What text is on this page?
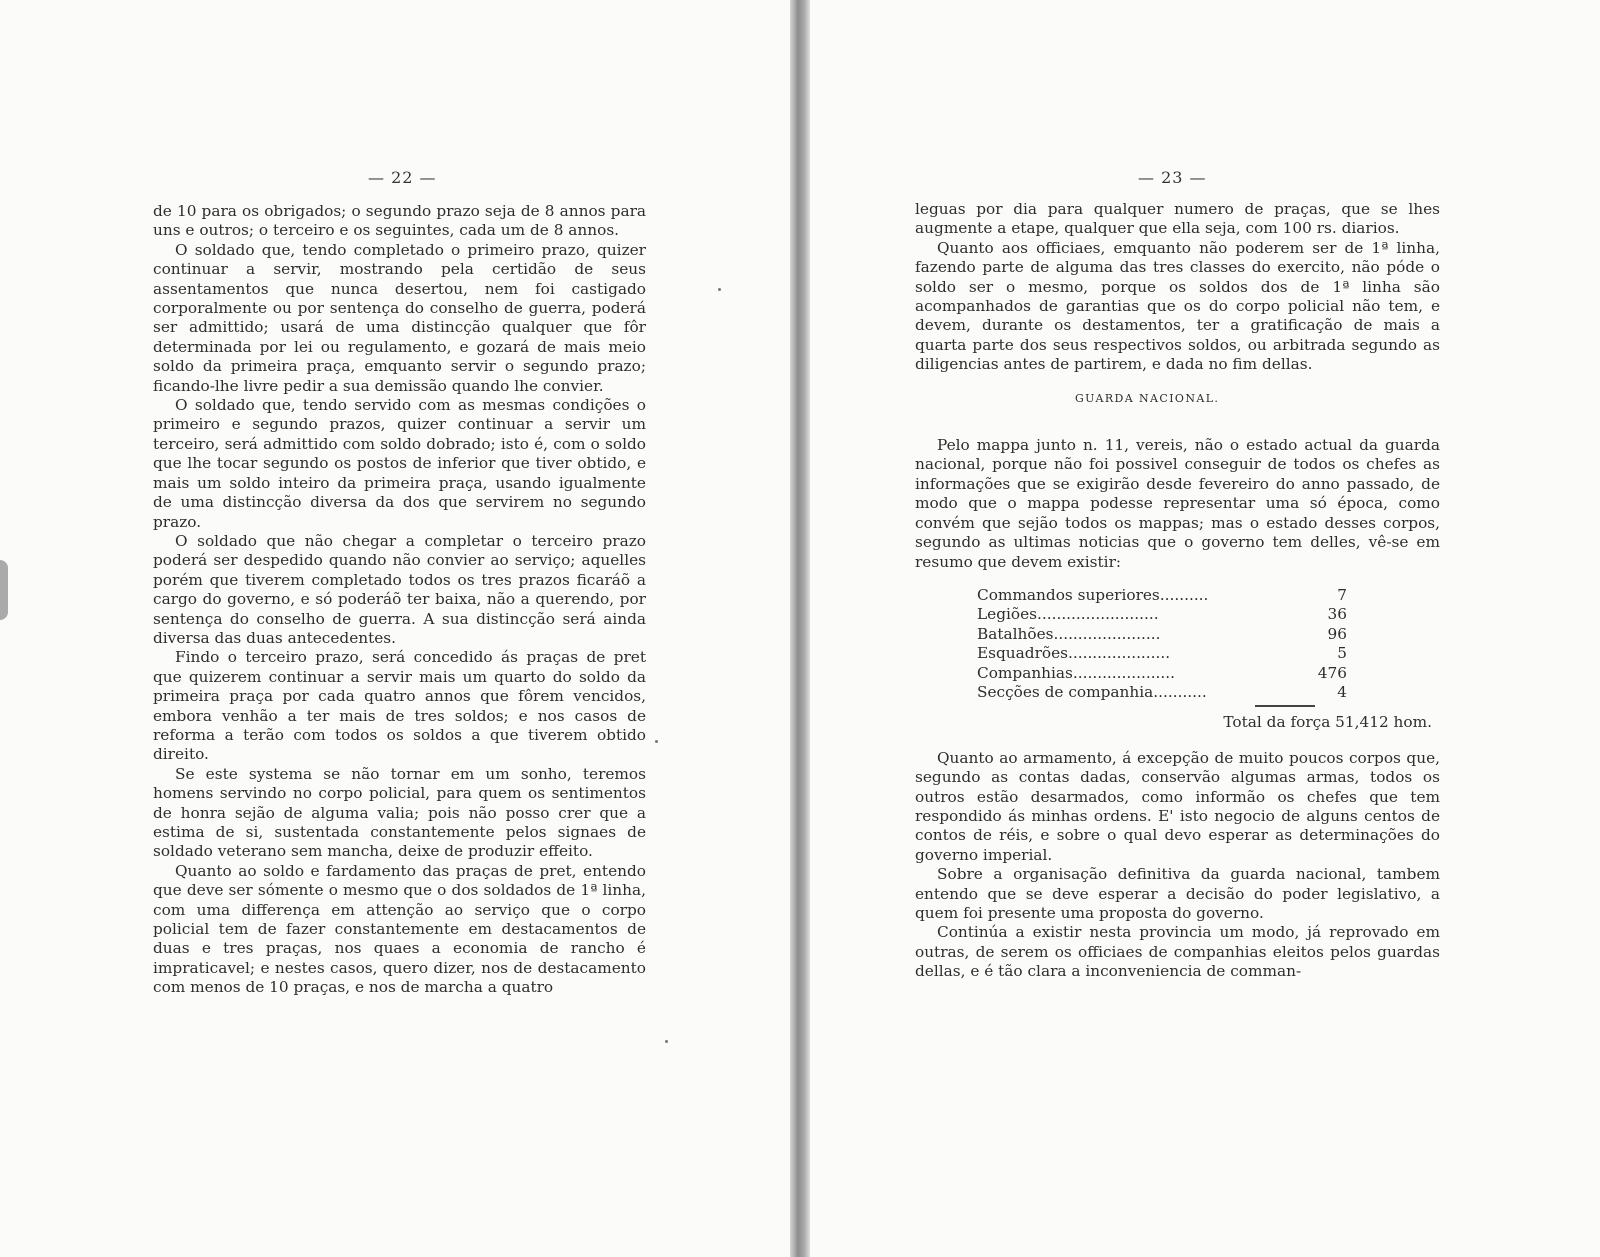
— 22 —

de 10 para os obrigados; o segundo prazo seja de 8 annos para uns e outros; o terceiro e os seguintes, cada um de 8 annos.

O soldado que, tendo completado o primeiro prazo, quizer continuar a servir, mostrando pela certidão de seus assentamentos que nunca desertou, nem foi castigado corporalmente ou por sentença do conselho de guerra, poderá ser admittido; usará de uma distincção qualquer que fôr determinada por lei ou regulamento, e gozará de mais meio soldo da primeira praça, emquanto servir o segundo prazo; ficando-lhe livre pedir a sua demissão quando lhe convier.

O soldado que, tendo servido com as mesmas condições o primeiro e segundo prazos, quizer continuar a servir um terceiro, será admittido com soldo dobrado; isto é, com o soldo que lhe tocar segundo os postos de inferior que tiver obtido, e mais um soldo inteiro da primeira praça, usando igualmente de uma distincção diversa da dos que servirem no segundo prazo.

O soldado que não chegar a completar o terceiro prazo poderá ser despedido quando não convier ao serviço; aquelles porém que tiverem completado todos os tres prazos ficaráõ a cargo do governo, e só poderáõ ter baixa, não a querendo, por sentença do conselho de guerra. A sua distincção será ainda diversa das duas antecedentes.

Findo o terceiro prazo, será concedido ás praças de pret que quizerem continuar a servir mais um quarto do soldo da primeira praça por cada quatro annos que fôrem vencidos, embora venhão a ter mais de tres soldos; e nos casos de reforma a terão com todos os soldos a que tiverem obtido direito.

Se este systema se não tornar em um sonho, teremos homens servindo no corpo policial, para quem os sentimentos de honra sejão de alguma valia; pois não posso crer que a estima de si, sustentada constantemente pelos signaes de soldado veterano sem mancha, deixe de produzir effeito.

Quanto ao soldo e fardamento das praças de pret, entendo que deve ser sómente o mesmo que o dos soldados de 1ª linha, com uma differença em attenção ao serviço que o corpo policial tem de fazer constantemente em destacamentos de duas e tres praças, nos quaes a economia de rancho é impraticavel; e nestes casos, quero dizer, nos de destacamento com menos de 10 praças, e nos de marcha a quatro

— 23 —

leguas por dia para qualquer numero de praças, que se lhes augmente a etape, qualquer que ella seja, com 100 rs. diarios.

Quanto aos officiaes, emquanto não poderem ser de 1ª linha, fazendo parte de alguma das tres classes do exercito, não póde o soldo ser o mesmo, porque os soldos dos de 1ª linha são acompanhados de garantias que os do corpo policial não tem, e devem, durante os destamentos, ter a gratificação de mais a quarta parte dos seus respectivos soldos, ou arbitrada segundo as diligencias antes de partirem, e dada no fim dellas.

GUARDA NACIONAL.

Pelo mappa junto n. 11, vereis, não o estado actual da guarda nacional, porque não foi possivel conseguir de todos os chefes as informações que se exigirão desde fevereiro do anno passado, de modo que o mappa podesse representar uma só época, como convém que sejão todos os mappas; mas o estado desses corpos, segundo as ultimas noticias que o governo tem delles, vê-se em resumo que devem existir:

Commandos superiores..........	7
Legiões.........................	36
Batalhões......................	96
Esquadrões.....................	5
Companhias.....................	476
Secções de companhia...........	4
Total da força 51,412 hom.

Quanto ao armamento, á excepção de muito poucos corpos que, segundo as contas dadas, conservão algumas armas, todos os outros estão desarmados, como informão os chefes que tem respondido ás minhas ordens. E' isto negocio de alguns centos de contos de réis, e sobre o qual devo esperar as determinações do governo imperial.

Sobre a organisação definitiva da guarda nacional, tambem entendo que se deve esperar a decisão do poder legislativo, a quem foi presente uma proposta do governo.

Continúa a existir nesta provincia um modo, já reprovado em outras, de serem os officiaes de companhias eleitos pelos guardas dellas, e é tão clara a inconveniencia de comman-
